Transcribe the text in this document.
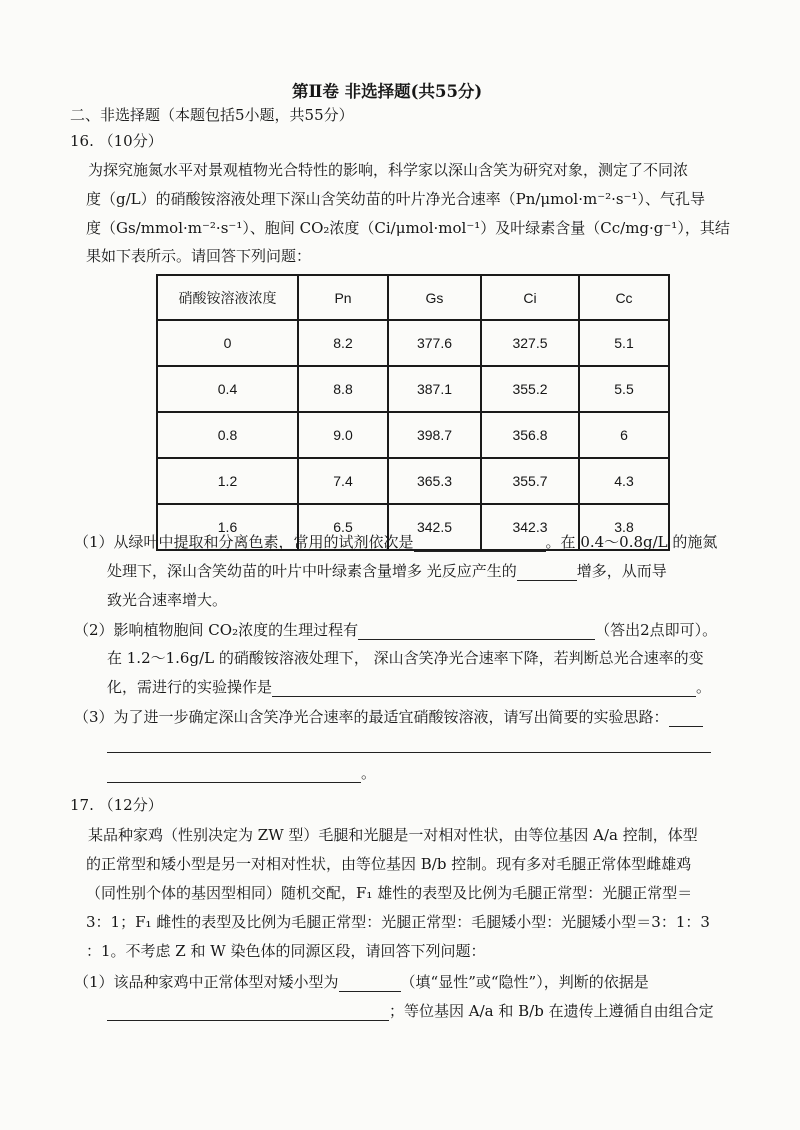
第Ⅱ卷 非选择题(共55分)
二、非选择题（本题包括5小题，共55分）
16. （10分）
为探究施氮水平对景观植物光合特性的影响，科学家以深山含笑为研究对象，测定了不同浓
度（g/L）的硝酸铵溶液处理下深山含笑幼苗的叶片净光合速率（Pn/μmol·m⁻²·s⁻¹）、气孔导
度（Gs/mmol·m⁻²·s⁻¹）、胞间 CO₂浓度（Ci/μmol·mol⁻¹）及叶绿素含量（Cc/mg·g⁻¹），其结
果如下表所示。请回答下列问题：
硝酸铵溶液浓度	Pn	Gs	Ci	Cc
0	8.2	377.6	327.5	5.1
0.4	8.8	387.1	355.2	5.5
0.8	9.0	398.7	356.8	6
1.2	7.4	365.3	355.7	4.3
1.6	6.5	342.5	342.3	3.8
（1）从绿叶中提取和分离色素，常用的试剂依次是	。在 0.4～0.8g/L 的施氮
处理下，深山含笑幼苗的叶片中叶绿素含量增多 光反应产生的	增多，从而导
致光合速率增大。
（2）影响植物胞间 CO₂浓度的生理过程有	（答出2点即可）。
在 1.2～1.6g/L 的硝酸铵溶液处理下， 深山含笑净光合速率下降，若判断总光合速率的变
化，需进行的实验操作是	。
（3）为了进一步确定深山含笑净光合速率的最适宜硝酸铵溶液，请写出简要的实验思路：
。
17. （12分）
某品种家鸡（性别决定为 ZW 型）毛腿和光腿是一对相对性状，由等位基因 A/a 控制，体型
的正常型和矮小型是另一对相对性状，由等位基因 B/b 控制。现有多对毛腿正常体型雌雄鸡
（同性别个体的基因型相同）随机交配，F₁ 雄性的表型及比例为毛腿正常型：光腿正常型＝
3：1；F₁ 雌性的表型及比例为毛腿正常型：光腿正常型：毛腿矮小型：光腿矮小型＝3：1：3
：1。不考虑 Z 和 W 染色体的同源区段，请回答下列问题：
（1）该品种家鸡中正常体型对矮小型为	（填“显性”或“隐性”），判断的依据是
；等位基因 A/a 和 B/b 在遗传上遵循自由组合定
